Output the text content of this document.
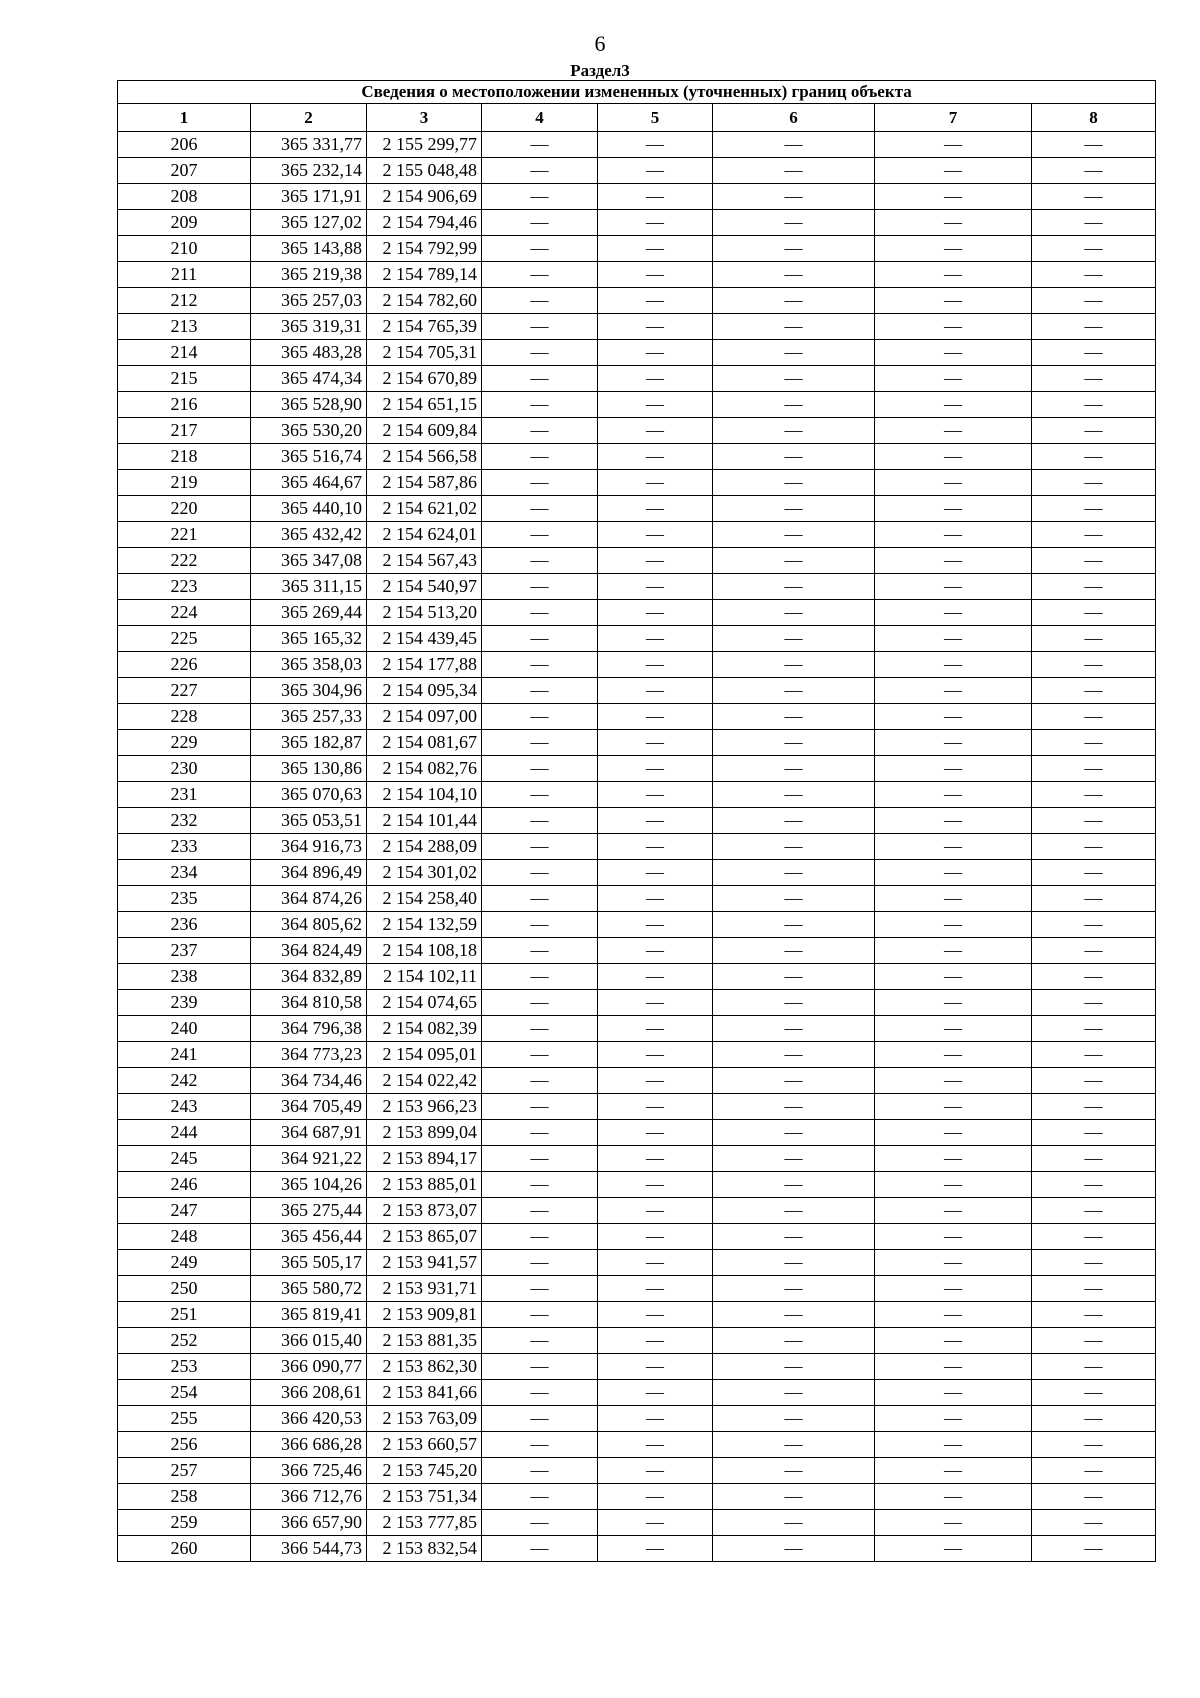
6
Раздел3
Сведения о местоположении измененных (уточненных) границ объекта							
1	2	3	4	5	6	7	8
206	365 331,77	2 155 299,77	—	—	—	—	—
207	365 232,14	2 155 048,48	—	—	—	—	—
208	365 171,91	2 154 906,69	—	—	—	—	—
209	365 127,02	2 154 794,46	—	—	—	—	—
210	365 143,88	2 154 792,99	—	—	—	—	—
211	365 219,38	2 154 789,14	—	—	—	—	—
212	365 257,03	2 154 782,60	—	—	—	—	—
213	365 319,31	2 154 765,39	—	—	—	—	—
214	365 483,28	2 154 705,31	—	—	—	—	—
215	365 474,34	2 154 670,89	—	—	—	—	—
216	365 528,90	2 154 651,15	—	—	—	—	—
217	365 530,20	2 154 609,84	—	—	—	—	—
218	365 516,74	2 154 566,58	—	—	—	—	—
219	365 464,67	2 154 587,86	—	—	—	—	—
220	365 440,10	2 154 621,02	—	—	—	—	—
221	365 432,42	2 154 624,01	—	—	—	—	—
222	365 347,08	2 154 567,43	—	—	—	—	—
223	365 311,15	2 154 540,97	—	—	—	—	—
224	365 269,44	2 154 513,20	—	—	—	—	—
225	365 165,32	2 154 439,45	—	—	—	—	—
226	365 358,03	2 154 177,88	—	—	—	—	—
227	365 304,96	2 154 095,34	—	—	—	—	—
228	365 257,33	2 154 097,00	—	—	—	—	—
229	365 182,87	2 154 081,67	—	—	—	—	—
230	365 130,86	2 154 082,76	—	—	—	—	—
231	365 070,63	2 154 104,10	—	—	—	—	—
232	365 053,51	2 154 101,44	—	—	—	—	—
233	364 916,73	2 154 288,09	—	—	—	—	—
234	364 896,49	2 154 301,02	—	—	—	—	—
235	364 874,26	2 154 258,40	—	—	—	—	—
236	364 805,62	2 154 132,59	—	—	—	—	—
237	364 824,49	2 154 108,18	—	—	—	—	—
238	364 832,89	2 154 102,11	—	—	—	—	—
239	364 810,58	2 154 074,65	—	—	—	—	—
240	364 796,38	2 154 082,39	—	—	—	—	—
241	364 773,23	2 154 095,01	—	—	—	—	—
242	364 734,46	2 154 022,42	—	—	—	—	—
243	364 705,49	2 153 966,23	—	—	—	—	—
244	364 687,91	2 153 899,04	—	—	—	—	—
245	364 921,22	2 153 894,17	—	—	—	—	—
246	365 104,26	2 153 885,01	—	—	—	—	—
247	365 275,44	2 153 873,07	—	—	—	—	—
248	365 456,44	2 153 865,07	—	—	—	—	—
249	365 505,17	2 153 941,57	—	—	—	—	—
250	365 580,72	2 153 931,71	—	—	—	—	—
251	365 819,41	2 153 909,81	—	—	—	—	—
252	366 015,40	2 153 881,35	—	—	—	—	—
253	366 090,77	2 153 862,30	—	—	—	—	—
254	366 208,61	2 153 841,66	—	—	—	—	—
255	366 420,53	2 153 763,09	—	—	—	—	—
256	366 686,28	2 153 660,57	—	—	—	—	—
257	366 725,46	2 153 745,20	—	—	—	—	—
258	366 712,76	2 153 751,34	—	—	—	—	—
259	366 657,90	2 153 777,85	—	—	—	—	—
260	366 544,73	2 153 832,54	—	—	—	—	—
